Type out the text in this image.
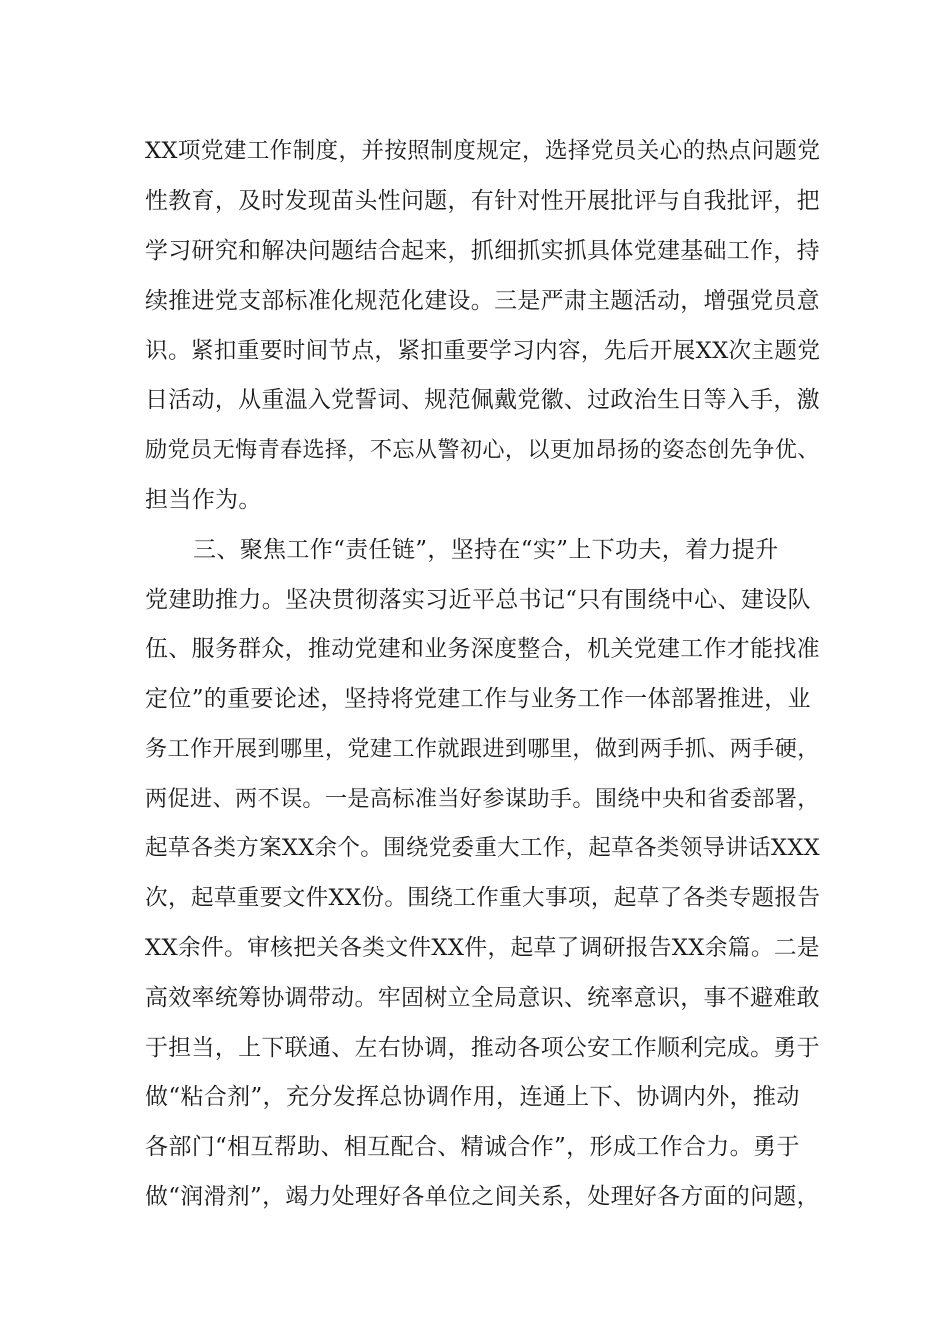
XX项党建工作制度，并按照制度规定，选择党员关心的热点问题党
性教育，及时发现苗头性问题，有针对性开展批评与自我批评，把
学习研究和解决问题结合起来，抓细抓实抓具体党建基础工作，持
续推进党支部标准化规范化建设。三是严肃主题活动，增强党员意
识。紧扣重要时间节点，紧扣重要学习内容，先后开展XX次主题党
日活动，从重温入党誓词、规范佩戴党徽、过政治生日等入手，激
励党员无悔青春选择，不忘从警初心，以更加昂扬的姿态创先争优、
担当作为。
三、聚焦工作“责任链”，坚持在“实”上下功夫，着力提升
党建助推力。坚决贯彻落实习近平总书记“只有围绕中心、建设队
伍、服务群众，推动党建和业务深度整合，机关党建工作才能找准
定位”的重要论述，坚持将党建工作与业务工作一体部署推进，业
务工作开展到哪里，党建工作就跟进到哪里，做到两手抓、两手硬，
两促进、两不误。一是高标准当好参谋助手。围绕中央和省委部署，
起草各类方案XX余个。围绕党委重大工作，起草各类领导讲话XXX
次，起草重要文件XX份。围绕工作重大事项，起草了各类专题报告
XX余件。审核把关各类文件XX件，起草了调研报告XX余篇。二是
高效率统筹协调带动。牢固树立全局意识、统率意识，事不避难敢
于担当，上下联通、左右协调，推动各项公安工作顺利完成。勇于
做“粘合剂”，充分发挥总协调作用，连通上下、协调内外，推动
各部门“相互帮助、相互配合、精诚合作”，形成工作合力。勇于
做“润滑剂”，竭力处理好各单位之间关系，处理好各方面的问题，
